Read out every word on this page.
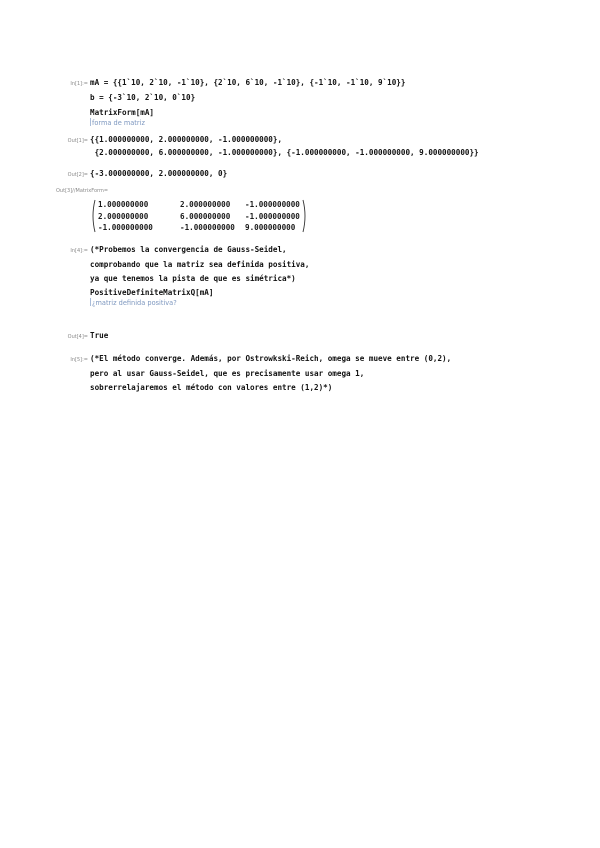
In[1]:= mA = {{1`10, 2`10, -1`10}, {2`10, 6`10, -1`10}, {-1`10, -1`10, 9`10}}
b = {-3`10, 2`10, 0`10}
MatrixForm[mA]
forma de matriz
Out[1]= {{1.000000000, 2.000000000, -1.000000000},
{2.000000000, 6.000000000, -1.000000000}, {-1.000000000, -1.000000000, 9.000000000}}
Out[2]= {-3.000000000, 2.000000000, 0}
Out[3]//MatrixForm=
1.000000000	2.000000000 -1.000000000
2.000000000	6.000000000 -1.000000000
-1.000000000	-1.000000000 9.000000000
In[4]:= (*Probemos la convergencia de Gauss-Seidel,
comprobando que la matriz sea definida positiva,
ya que tenemos la pista de que es simétrica*)
PositiveDefiniteMatrixQ[mA]
¿matriz definida positiva?
Out[4]= True
In[5]:= (*El método converge. Además, por Ostrowkski-Reich, omega se mueve entre (0,2),
pero al usar Gauss-Seidel, que es precisamente usar omega 1,
sobrerrelajaremos el método con valores entre (1,2)*)
